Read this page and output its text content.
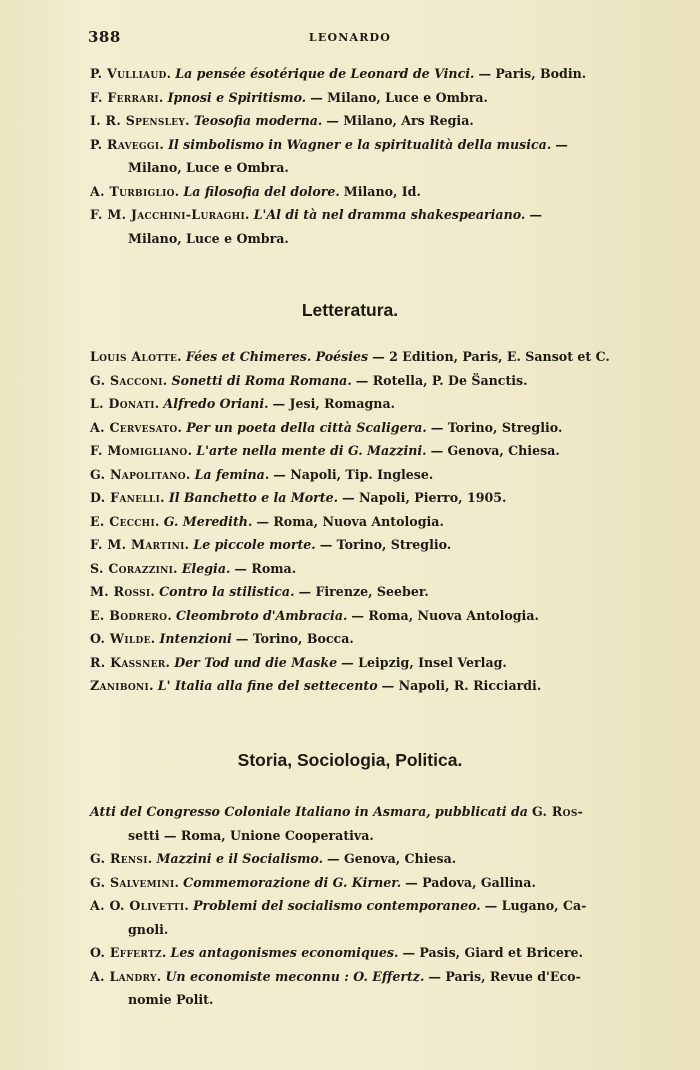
388	LEONARDO

P. Vulliaud. La pensée ésotérique de Leonard de Vinci. — Paris, Bodin.

F. Ferrari. Ipnosi e Spiritismo. — Milano, Luce e Ombra.

I. R. Spensley. Teosofia moderna. — Milano, Ars Regia.

P. Raveggi. Il simbolismo in Wagner e la spiritualità della musica. —
Milano, Luce e Ombra.

A. Turbiglio. La filosofia del dolore. Milano, Id.

F. M. Jacchini-Luraghi. L'Al di tà nel dramma shakespeariano. —
Milano, Luce e Ombra.

Letteratura.

Louis Alotte. Fées et Chimeres. Poésies — 2 Edition, Paris, E. Sansot et C.

G. Sacconi. Sonetti di Roma Romana. — Rotella, P. De S̈anctis.

L. Donati. Alfredo Oriani. — Jesi, Romagna.

A. Cervesato. Per un poeta della città Scaligera. — Torino, Streglio.

F. Momigliano. L'arte nella mente di G. Mazzini. — Genova, Chiesa.

G. Napolitano. La femina. — Napoli, Tip. Inglese.

D. Fanelli. Il Banchetto e la Morte. — Napoli, Pierro, 1905.

E. Cecchi. G. Meredith. — Roma, Nuova Antologia.

F. M. Martini. Le piccole morte. — Torino, Streglio.

S. Corazzini. Elegia. — Roma.

M. Rossi. Contro la stilistica. — Firenze, Seeber.

E. Bodrero. Cleombroto d'Ambracia. — Roma, Nuova Antologia.

O. Wilde. Intenzioni — Torino, Bocca.

R. Kassner. Der Tod und die Maske — Leipzig, Insel Verlag.

Zaniboni. L' Italia alla fine del settecento — Napoli, R. Ricciardi.

Storia, Sociologia, Politica.

Atti del Congresso Coloniale Italiano in Asmara, pubblicati da G. Ros-
setti — Roma, Unione Cooperativa.

G. Rensi. Mazzini e il Socialismo. — Genova, Chiesa.

G. Salvemini. Commemorazione di G. Kirner. — Padova, Gallina.

A. O. Olivetti. Problemi del socialismo contemporaneo. — Lugano, Ca-
gnoli.

O. Effertz. Les antagonismes economiques. — Pasis, Giard et Bricere.

A. Landry. Un economiste meconnu : O. Effertz. — Paris, Revue d'Eco-
nomie Polit.
